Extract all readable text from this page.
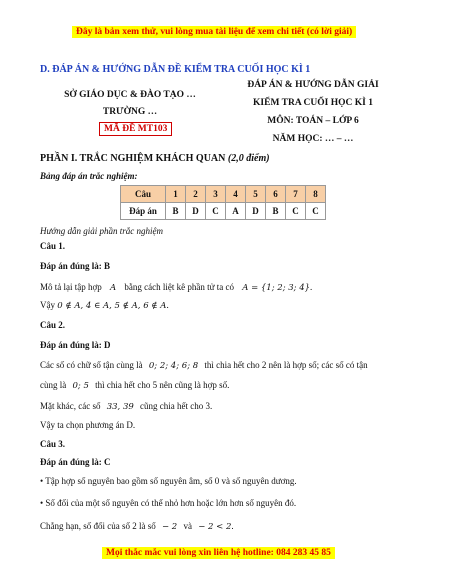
Đây là bản xem thử, vui lòng mua tài liệu để xem chi tiết (có lời giải)
D. ĐÁP ÁN & HƯỚNG DẪN ĐỀ KIỂM TRA CUỐI HỌC KÌ 1
SỞ GIÁO DỤC & ĐÀO TẠO …
TRƯỜNG …
MÃ ĐỀ MT103
ĐÁP ÁN & HƯỚNG DẪN GIẢI
KIỂM TRA CUỐI HỌC KÌ 1
MÔN: TOÁN – LỚP 6
NĂM HỌC: … – …
PHẦN I. TRẮC NGHIỆM KHÁCH QUAN (2,0 điểm)
Bảng đáp án trắc nghiệm:
Câu	1	2	3	4	5	6	7	8
Đáp án	B	D	C	A	D	B	C	C
Hướng dẫn giải phần trắc nghiệm
Câu 1.
Đáp án đúng là: B
Mô tả lại tập hợp A bằng cách liệt kê phần tử ta có A = {1; 2; 3; 4}.
Vậy 0 ∉ A, 4 ∈ A, 5 ∉ A, 6 ∉ A.
Câu 2.
Đáp án đúng là: D
Các số có chữ số tận cùng là 0; 2; 4; 6; 8 thì chia hết cho 2 nên là hợp số; các số có tận
cùng là 0; 5 thì chia hết cho 5 nên cũng là hợp số.
Mặt khác, các số 33, 39 cũng chia hết cho 3.
Vậy ta chọn phương án D.
Câu 3.
Đáp án đúng là: C
• Tập hợp số nguyên bao gồm số nguyên âm, số 0 và số nguyên dương.
• Số đối của một số nguyên có thể nhỏ hơn hoặc lớn hơn số nguyên đó.
Chẳng hạn, số đối của số 2 là số − 2 và − 2 < 2.
Mọi thắc mắc vui lòng xin liên hệ hotline: 084 283 45 85
